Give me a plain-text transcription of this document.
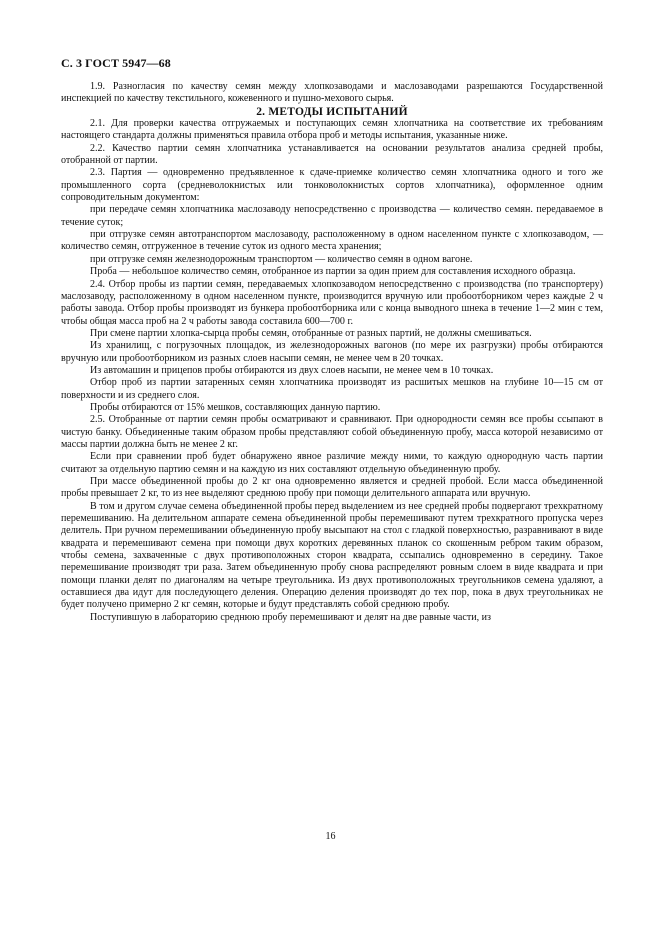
С. 3 ГОСТ 5947—68

1.9. Разногласия по качеству семян между хлопкозаводами и маслозаводами разрешаются Государственной инспекцией по качеству текстильного, кожевенного и пушно-мехового сырья.

2. МЕТОДЫ ИСПЫТАНИЙ

2.1. Для проверки качества отгружаемых и поступающих семян хлопчатника на соответствие их требованиям настоящего стандарта должны применяться правила отбора проб и методы испытания, указанные ниже.

2.2. Качество партии семян хлопчатника устанавливается на основании результатов анализа средней пробы, отобранной от партии.

2.3. Партия — одновременно предъявленное к сдаче-приемке количество семян хлопчатника одного и того же промышленного сорта (средневолокнистых или тонковолокнистых сортов хлопчатника), оформленное одним сопроводительным документом:

при передаче семян хлопчатника маслозаводу непосредственно с производства — количество семян. передаваемое в течение суток;

при отгрузке семян автотранспортом маслозаводу, расположенному в одном населенном пункте с хлопкозаводом, — количество семян, отгруженное в течение суток из одного места хранения;

при отгрузке семян железнодорожным транспортом — количество семян в одном вагоне.

Проба — небольшое количество семян, отобранное из партии за один прием для составления исходного образца.

2.4. Отбор пробы из партии семян, передаваемых хлопкозаводом непосредственно с производства (по транспортеру) маслозаводу, расположенному в одном населенном пункте, производится вручную или пробоотборником через каждые 2 ч работы завода. Отбор пробы производят из бункера пробоотборника или с конца выводного шнека в течение 1—2 мин с тем, чтобы общая масса проб на 2 ч работы завода составила 600—700 г.

При смене партии хлопка-сырца пробы семян, отобранные от разных партий, не должны смешиваться.

Из хранилищ, с погрузочных площадок, из железнодорожных вагонов (по мере их разгрузки) пробы отбираются вручную или пробоотборником из разных слоев насыпи семян, не менее чем в 20 точках.

Из автомашин и прицепов пробы отбираются из двух слоев насыпи, не менее чем в 10 точках.

Отбор проб из партии затаренных семян хлопчатника производят из расшитых мешков на глубине 10—15 см от поверхности и из среднего слоя.

Пробы отбираются от 15% мешков, составляющих данную партию.

2.5. Отобранные от партии семян пробы осматривают и сравнивают. При однородности семян все пробы ссыпают в чистую банку. Объединенные таким образом пробы представляют собой объединенную пробу, масса которой независимо от массы партии должна быть не менее 2 кг.

Если при сравнении проб будет обнаружено явное различие между ними, то каждую однородную часть партии считают за отдельную партию семян и на каждую из них составляют отдельную объединенную пробу.

При массе объединенной пробы до 2 кг она одновременно является и средней пробой. Если масса объединенной пробы превышает 2 кг, то из нее выделяют среднюю пробу при помощи делительного аппарата или вручную.

В том и другом случае семена объединенной пробы перед выделением из нее средней пробы подвергают трехкратному перемешиванию. На делительном аппарате семена объединенной пробы перемешивают путем трехкратного пропуска через делитель. При ручном перемешивании объединенную пробу высыпают на стол с гладкой поверхностью, разравнивают в виде квадрата и перемешивают семена при помощи двух коротких деревянных планок со скошенным ребром таким образом, чтобы семена, захваченные с двух противоположных сторон квадрата, ссыпались одновременно в середину. Такое перемешивание производят три раза. Затем объединенную пробу снова распределяют ровным слоем в виде квадрата и при помощи планки делят по диагоналям на четыре треугольника. Из двух противоположных треугольников семена удаляют, а оставшиеся два идут для последующего деления. Операцию деления производят до тех пор, пока в двух треугольниках не будет получено примерно 2 кг семян, которые и будут представлять собой среднюю пробу.

Поступившую в лабораторию среднюю пробу перемешивают и делят на две равные части, из

16
